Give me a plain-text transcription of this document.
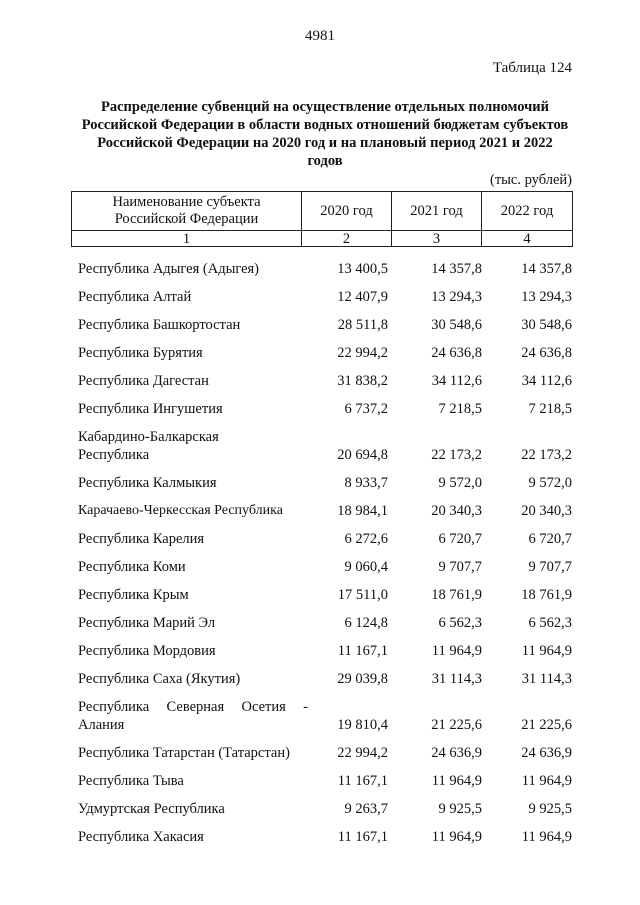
4981
Таблица 124
Распределение субвенций на осуществление отдельных полномочий Российской Федерации в области водных отношений бюджетам субъектов Российской Федерации на 2020 год и на плановый период 2021 и 2022 годов
(тыс. рублей)
Наименование субъекта Российской Федерации	2020 год	2021 год	2022 год
1	2	3	4
Республика Адыгея (Адыгея)	13 400,5	14 357,8	14 357,8
Республика Алтай	12 407,9	13 294,3	13 294,3
Республика Башкортостан	28 511,8	30 548,6	30 548,6
Республика Бурятия	22 994,2	24 636,8	24 636,8
Республика Дагестан	31 838,2	34 112,6	34 112,6
Республика Ингушетия	6 737,2	7 218,5	7 218,5
Кабардино-Балкарская Республика	20 694,8	22 173,2	22 173,2
Республика Калмыкия	8 933,7	9 572,0	9 572,0
Карачаево-Черкесская Республика	18 984,1	20 340,3	20 340,3
Республика Карелия	6 272,6	6 720,7	6 720,7
Республика Коми	9 060,4	9 707,7	9 707,7
Республика Крым	17 511,0	18 761,9	18 761,9
Республика Марий Эл	6 124,8	6 562,3	6 562,3
Республика Мордовия	11 167,1	11 964,9	11 964,9
Республика Саха (Якутия)	29 039,8	31 114,3	31 114,3
Республика Северная Осетия - Алания	19 810,4	21 225,6	21 225,6
Республика Татарстан (Татарстан)	22 994,2	24 636,9	24 636,9
Республика Тыва	11 167,1	11 964,9	11 964,9
Удмуртская Республика	9 263,7	9 925,5	9 925,5
Республика Хакасия	11 167,1	11 964,9	11 964,9
